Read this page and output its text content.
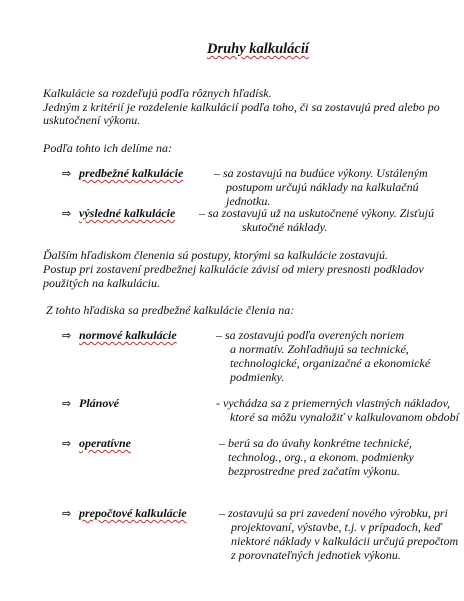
Druhy kalkulácií
Kalkulácie sa rozdeľujú podľa rôznych hľadísk.
Jedným z kritérií je rozdelenie kalkulácií podľa toho, či sa zostavujú pred alebo po
uskutočnení výkonu.
Podľa tohto ich delíme na:
⇨ predbežné kalkulácie	– sa zostavujú na budúce výkony. Ustáleným
postupom určujú náklady na kalkulačnú
jednotku.
⇨ výsledné kalkulácie – sa zostavujú už na uskutočnené výkony. Zisťujú
skutočné náklady.
Ďalším hľadiskom členenia sú postupy, ktorými sa kalkulácie zostavujú.
Postup pri zostavení predbežnej kalkulácie závisí od miery presnosti podkladov
použitých na kalkuláciu.
Z tohto hľadiska sa predbežné kalkulácie členia na:
⇨ normové kalkulácie	– sa zostavujú podľa overených noriem
a normatív. Zohľadňujú sa technické,
technologické, organizačné a ekonomické
podmienky.
⇨ Plánové	- vychádza sa z priemerných vlastných nákladov,
ktoré sa môžu vynaložiť v kalkulovanom období
⇨ operatívne	– berú sa do úvahy konkrétne technické,
technolog., org., a ekonom. podmienky
bezprostredne pred začatím výkonu.
⇨ prepočtové kalkulácie	– zostavujú sa pri zavedení nového výrobku, pri
projektovaní, výstavbe, t.j. v prípadoch, keď
niektoré náklady v kalkulácii určujú prepočtom
z porovnateľných jednotiek výkonu.
